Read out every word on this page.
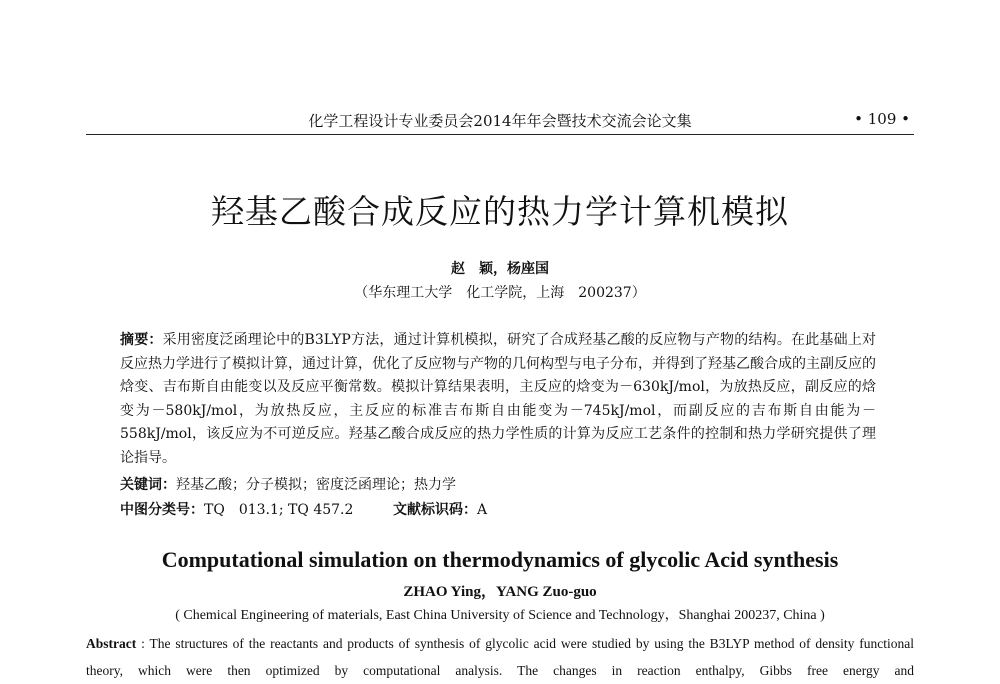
化学工程设计专业委员会2014年年会暨技术交流会论文集	• 109 •
羟基乙酸合成反应的热力学计算机模拟
赵　颖，杨座国
（华东理工大学　化工学院，上海　200237）
摘要：采用密度泛函理论中的B3LYP方法，通过计算机模拟，研究了合成羟基乙酸的反应物与产物的结构。在此基础上对反应热力学进行了模拟计算，通过计算，优化了反应物与产物的几何构型与电子分布，并得到了羟基乙酸合成的主副反应的焓变、吉布斯自由能变以及反应平衡常数。模拟计算结果表明，主反应的焓变为－630kJ/mol，为放热反应，副反应的焓变为－580kJ/mol，为放热反应，主反应的标准吉布斯自由能变为－745kJ/mol，而副反应的吉布斯自由能为－558kJ/mol，该反应为不可逆反应。羟基乙酸合成反应的热力学性质的计算为反应工艺条件的控制和热力学研究提供了理论指导。
关键词：羟基乙酸；分子模拟；密度泛函理论；热力学
中图分类号：TQ　013.1; TQ 457.2	文献标识码：A
Computational simulation on thermodynamics of glycolic Acid synthesis
ZHAO Ying，YANG Zuo-guo
( Chemical Engineering of materials, East China University of Science and Technology，Shanghai 200237, China )
Abstract : The structures of the reactants and products of synthesis of glycolic acid were studied by using the B3LYP method of density functional theory, which were then optimized by computational analysis. The changes in reaction enthalpy, Gibbs free energy and
